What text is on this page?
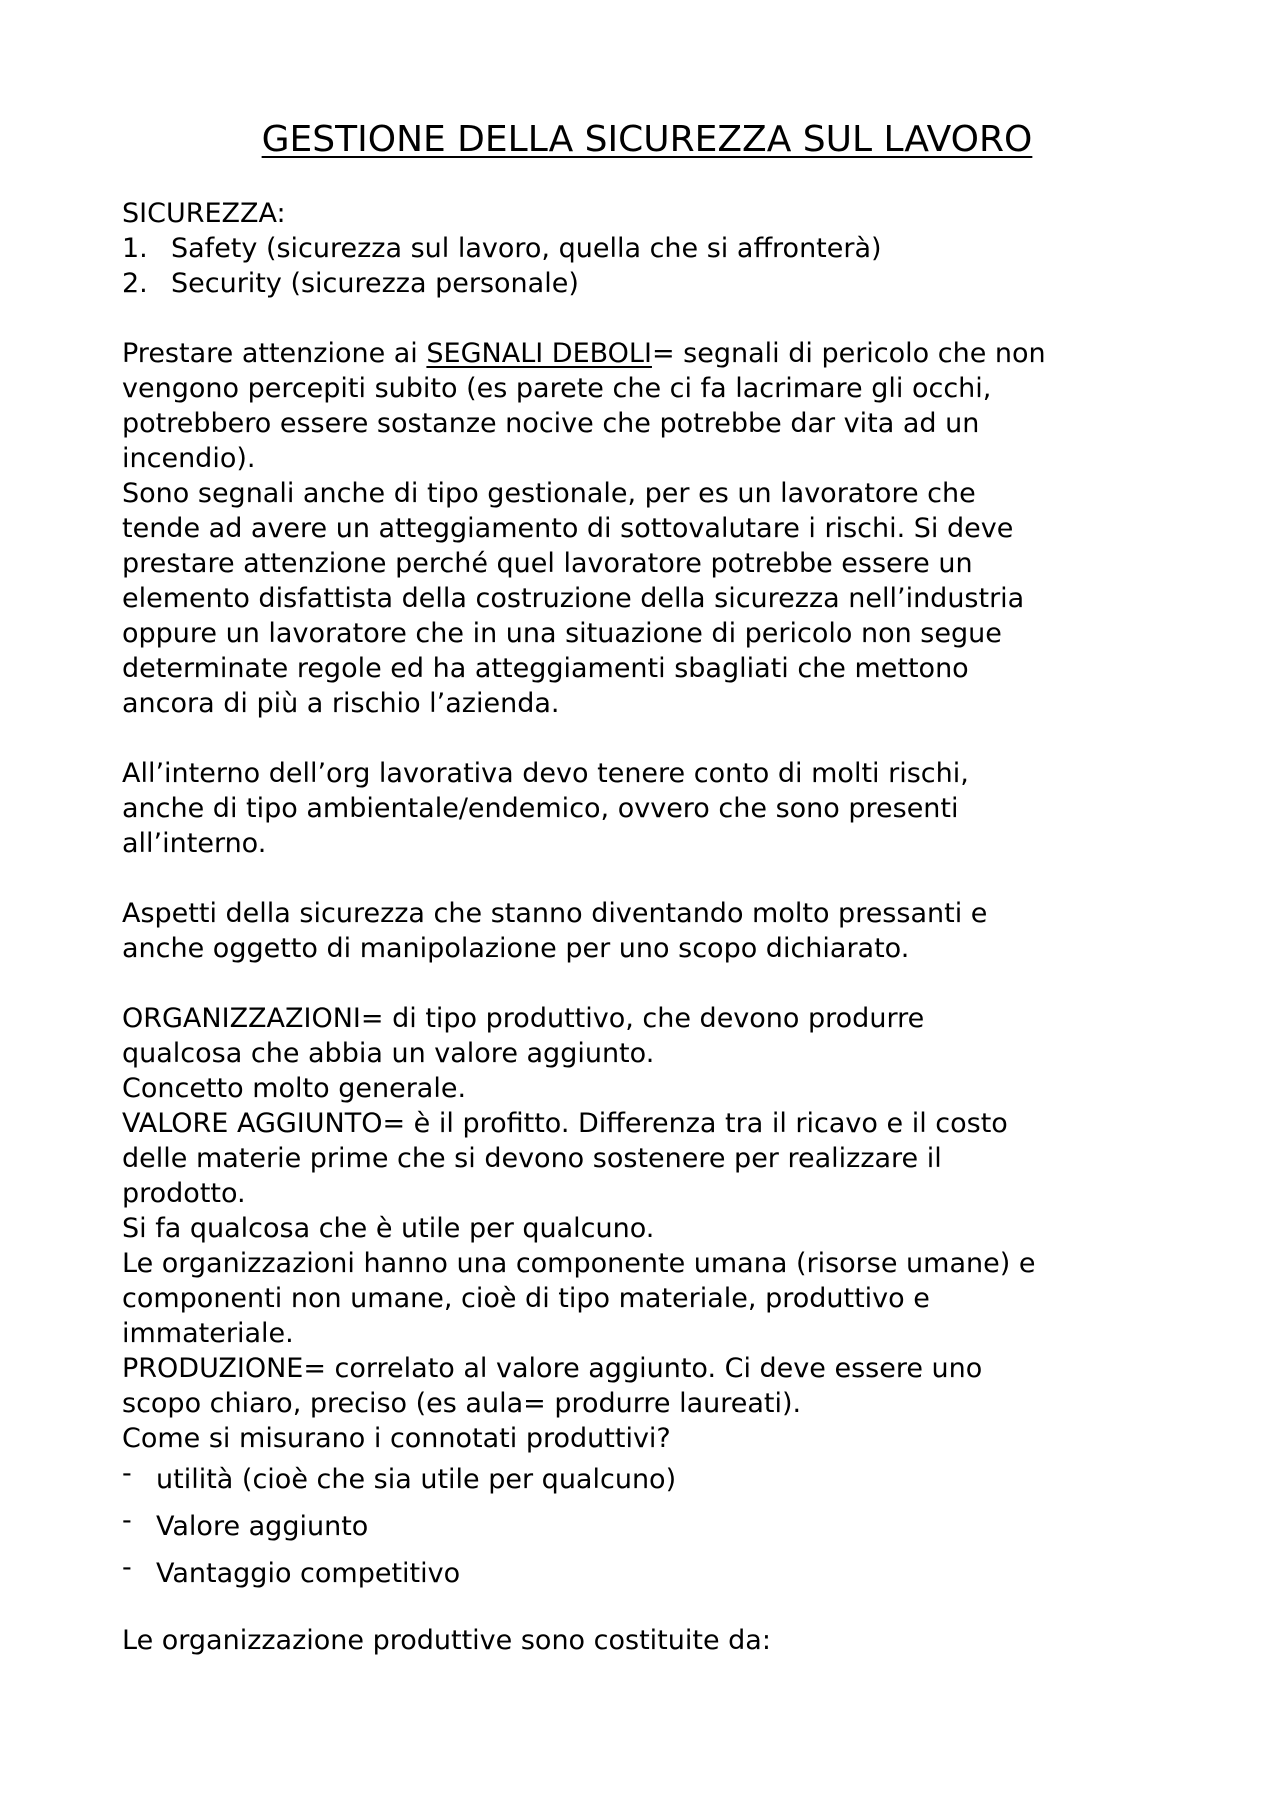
GESTIONE DELLA SICUREZZA SUL LAVORO

SICUREZZA:

1. Safety (sicurezza sul lavoro, quella che si affronterà)
2. Security (sicurezza personale)

Prestare attenzione ai SEGNALI DEBOLI= segnali di pericolo che non

vengono percepiti subito (es parete che ci fa lacrimare gli occhi,

potrebbero essere sostanze nocive che potrebbe dar vita ad un

incendio).

Sono segnali anche di tipo gestionale, per es un lavoratore che

tende ad avere un atteggiamento di sottovalutare i rischi. Si deve

prestare attenzione perché quel lavoratore potrebbe essere un

elemento disfattista della costruzione della sicurezza nell’industria

oppure un lavoratore che in una situazione di pericolo non segue

determinate regole ed ha atteggiamenti sbagliati che mettono

ancora di più a rischio l’azienda.

All’interno dell’org lavorativa devo tenere conto di molti rischi,

anche di tipo ambientale/endemico, ovvero che sono presenti

all’interno.

Aspetti della sicurezza che stanno diventando molto pressanti e

anche oggetto di manipolazione per uno scopo dichiarato.

ORGANIZZAZIONI= di tipo produttivo, che devono produrre

qualcosa che abbia un valore aggiunto.

Concetto molto generale.

VALORE AGGIUNTO= è il profitto. Differenza tra il ricavo e il costo

delle materie prime che si devono sostenere per realizzare il

prodotto.

Si fa qualcosa che è utile per qualcuno.

Le organizzazioni hanno una componente umana (risorse umane) e

componenti non umane, cioè di tipo materiale, produttivo e

immateriale.

PRODUZIONE= correlato al valore aggiunto. Ci deve essere uno

scopo chiaro, preciso (es aula= produrre laureati).

Come si misurano i connotati produttivi?

- utilità (cioè che sia utile per qualcuno)
- Valore aggiunto
- Vantaggio competitivo

Le organizzazione produttive sono costituite da:
